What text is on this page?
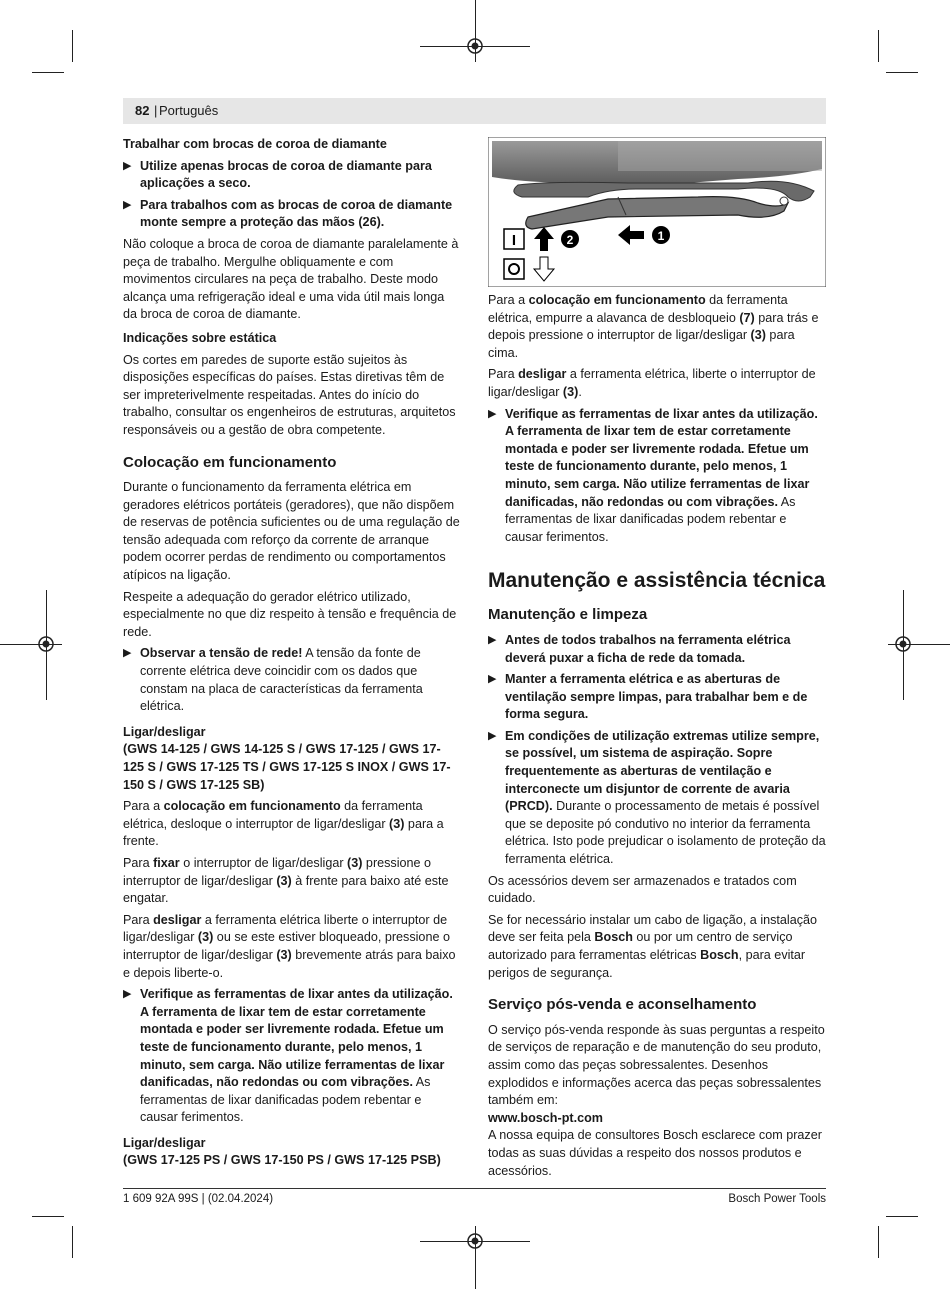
82 | Português
Trabalhar com brocas de coroa de diamante
▶ Utilize apenas brocas de coroa de diamante para aplicações a seco.
▶ Para trabalhos com as brocas de coroa de diamante monte sempre a proteção das mãos (26).

Não coloque a broca de coroa de diamante paralelamente à peça de trabalho. Mergulhe obliquamente e com movimentos circulares na peça de trabalho. Deste modo alcança uma refrigeração ideal e uma vida útil mais longa da broca de coroa de diamante.

Indicações sobre estática

Os cortes em paredes de suporte estão sujeitos às disposições específicas do países. Estas diretivas têm de ser impreterivelmente respeitadas. Antes do início do trabalho, consultar os engenheiros de estruturas, arquitetos responsáveis ou a gestão de obra competente.

Colocação em funcionamento

Durante o funcionamento da ferramenta elétrica em geradores elétricos portáteis (geradores), que não dispõem de reservas de potência suficientes ou de uma regulação de tensão adequada com reforço da corrente de arranque podem ocorrer perdas de rendimento ou comportamentos atípicos na ligação.

Respeite a adequação do gerador elétrico utilizado, especialmente no que diz respeito à tensão e frequência de rede.

▶ Observar a tensão de rede! A tensão da fonte de corrente elétrica deve coincidir com os dados que constam na placa de características da ferramenta elétrica.
Ligar/desligar
(GWS 14-125 / GWS 14-125 S / GWS 17-125 / GWS 17-125 S / GWS 17-125 TS / GWS 17-125 S INOX / GWS 17-150 S / GWS 17-125 SB)

Para a colocação em funcionamento da ferramenta elétrica, desloque o interruptor de ligar/desligar (3) para a frente.

Para fixar o interruptor de ligar/desligar (3) pressione o interruptor de ligar/desligar (3) à frente para baixo até este engatar.

Para desligar a ferramenta elétrica liberte o interruptor de ligar/desligar (3) ou se este estiver bloqueado, pressione o interruptor de ligar/desligar (3) brevemente atrás para baixo e depois liberte-o.

▶ Verifique as ferramentas de lixar antes da utilização. A ferramenta de lixar tem de estar corretamente montada e poder ser livremente rodada. Efetue um teste de funcionamento durante, pelo menos, 1 minuto, sem carga. Não utilize ferramentas de lixar danificadas, não redondas ou com vibrações. As ferramentas de lixar danificadas podem rebentar e causar ferimentos.
Ligar/desligar
(GWS 17-125 PS / GWS 17-150 PS / GWS 17-125 PSB)
I	2	1
O

Para a colocação em funcionamento da ferramenta elétrica, empurre a alavanca de desbloqueio (7) para trás e depois pressione o interruptor de ligar/desligar (3) para cima.

Para desligar a ferramenta elétrica, liberte o interruptor de ligar/desligar (3).

▶ Verifique as ferramentas de lixar antes da utilização. A ferramenta de lixar tem de estar corretamente montada e poder ser livremente rodada. Efetue um teste de funcionamento durante, pelo menos, 1 minuto, sem carga. Não utilize ferramentas de lixar danificadas, não redondas ou com vibrações. As ferramentas de lixar danificadas podem rebentar e causar ferimentos.
Manutenção e assistência técnica
Manutenção e limpeza
▶ Antes de todos trabalhos na ferramenta elétrica deverá puxar a ficha de rede da tomada.
▶ Manter a ferramenta elétrica e as aberturas de ventilação sempre limpas, para trabalhar bem e de forma segura.
▶ Em condições de utilização extremas utilize sempre, se possível, um sistema de aspiração. Sopre frequentemente as aberturas de ventilação e interconecte um disjuntor de corrente de avaria (PRCD). Durante o processamento de metais é possível que se deposite pó condutivo no interior da ferramenta elétrica. Isto pode prejudicar o isolamento de proteção da ferramenta elétrica.

Os acessórios devem ser armazenados e tratados com cuidado.

Se for necessário instalar um cabo de ligação, a instalação deve ser feita pela Bosch ou por um centro de serviço autorizado para ferramentas elétricas Bosch, para evitar perigos de segurança.

Serviço pós-venda e aconselhamento

O serviço pós-venda responde às suas perguntas a respeito de serviços de reparação e de manutenção do seu produto, assim como das peças sobressalentes. Desenhos explodidos e informações acerca das peças sobressalentes também em:

www.bosch-pt.com

A nossa equipa de consultores Bosch esclarece com prazer todas as suas dúvidas a respeito dos nossos produtos e acessórios.

1 609 92A 99S | (02.04.2024)	Bosch Power Tools
